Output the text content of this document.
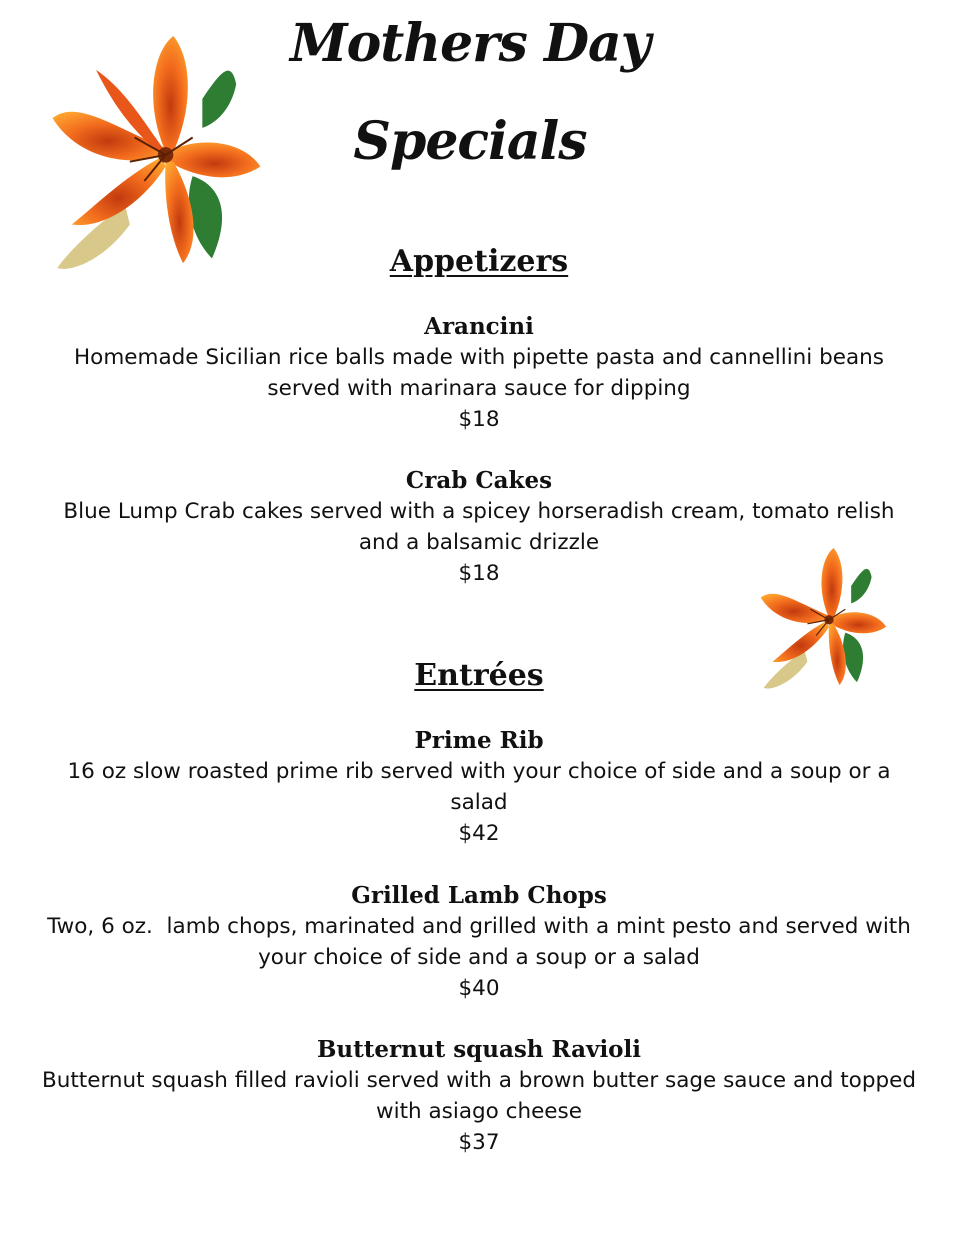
Mothers Day
Specials
Appetizers

Arancini

Homemade Sicilian rice balls made with pipette pasta and cannellini beans served with marinara sauce for dipping

$18

Crab Cakes

Blue Lump Crab cakes served with a spicey horseradish cream, tomato relish and a balsamic drizzle

$18

Entrées

Prime Rib

16 oz slow roasted prime rib served with your choice of side and a soup or a salad

$42

Grilled Lamb Chops

Two, 6 oz.  lamb chops, marinated and grilled with a mint pesto and served with your choice of side and a soup or a salad

$40

Butternut squash Ravioli

Butternut squash filled ravioli served with a brown butter sage sauce and topped with asiago cheese

$37
